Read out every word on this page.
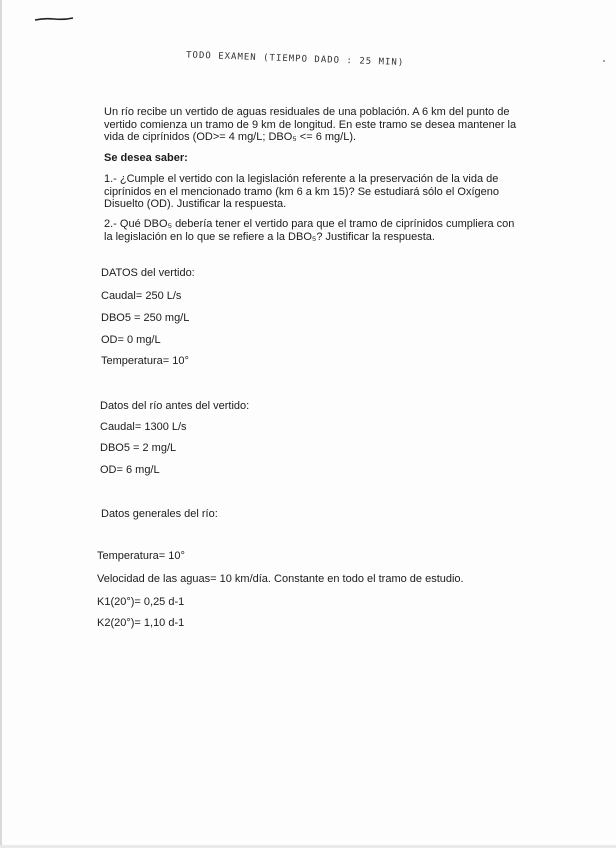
TODO EXAMEN (TIEMPO DADO : 25 MIN)

Un río recibe un vertido de aguas residuales de una población. A 6 km del punto de vertido comienza un tramo de 9 km de longitud. En este tramo se desea mantener la vida de ciprínidos (OD>= 4 mg/L; DBO₅ <= 6 mg/L).

Se desea saber:

1.- ¿Cumple el vertido con la legislación referente a la preservación de la vida de ciprínidos en el mencionado tramo (km 6 a km 15)? Se estudiará sólo el Oxígeno Disuelto (OD). Justificar la respuesta.

2.- Qué DBO₅ debería tener el vertido para que el tramo de ciprínidos cumpliera con la legislación en lo que se refiere a la DBO₅? Justificar la respuesta.

DATOS del vertido:
Caudal= 250 L/s
DBO5 = 250 mg/L
OD= 0 mg/L
Temperatura= 10°
Datos del río antes del vertido:
Caudal= 1300 L/s
DBO5 = 2 mg/L
OD= 6 mg/L
Datos generales del río:
Temperatura= 10°
Velocidad de las aguas= 10 km/día. Constante en todo el tramo de estudio.
K1(20°)= 0,25 d-1
K2(20°)= 1,10 d-1
